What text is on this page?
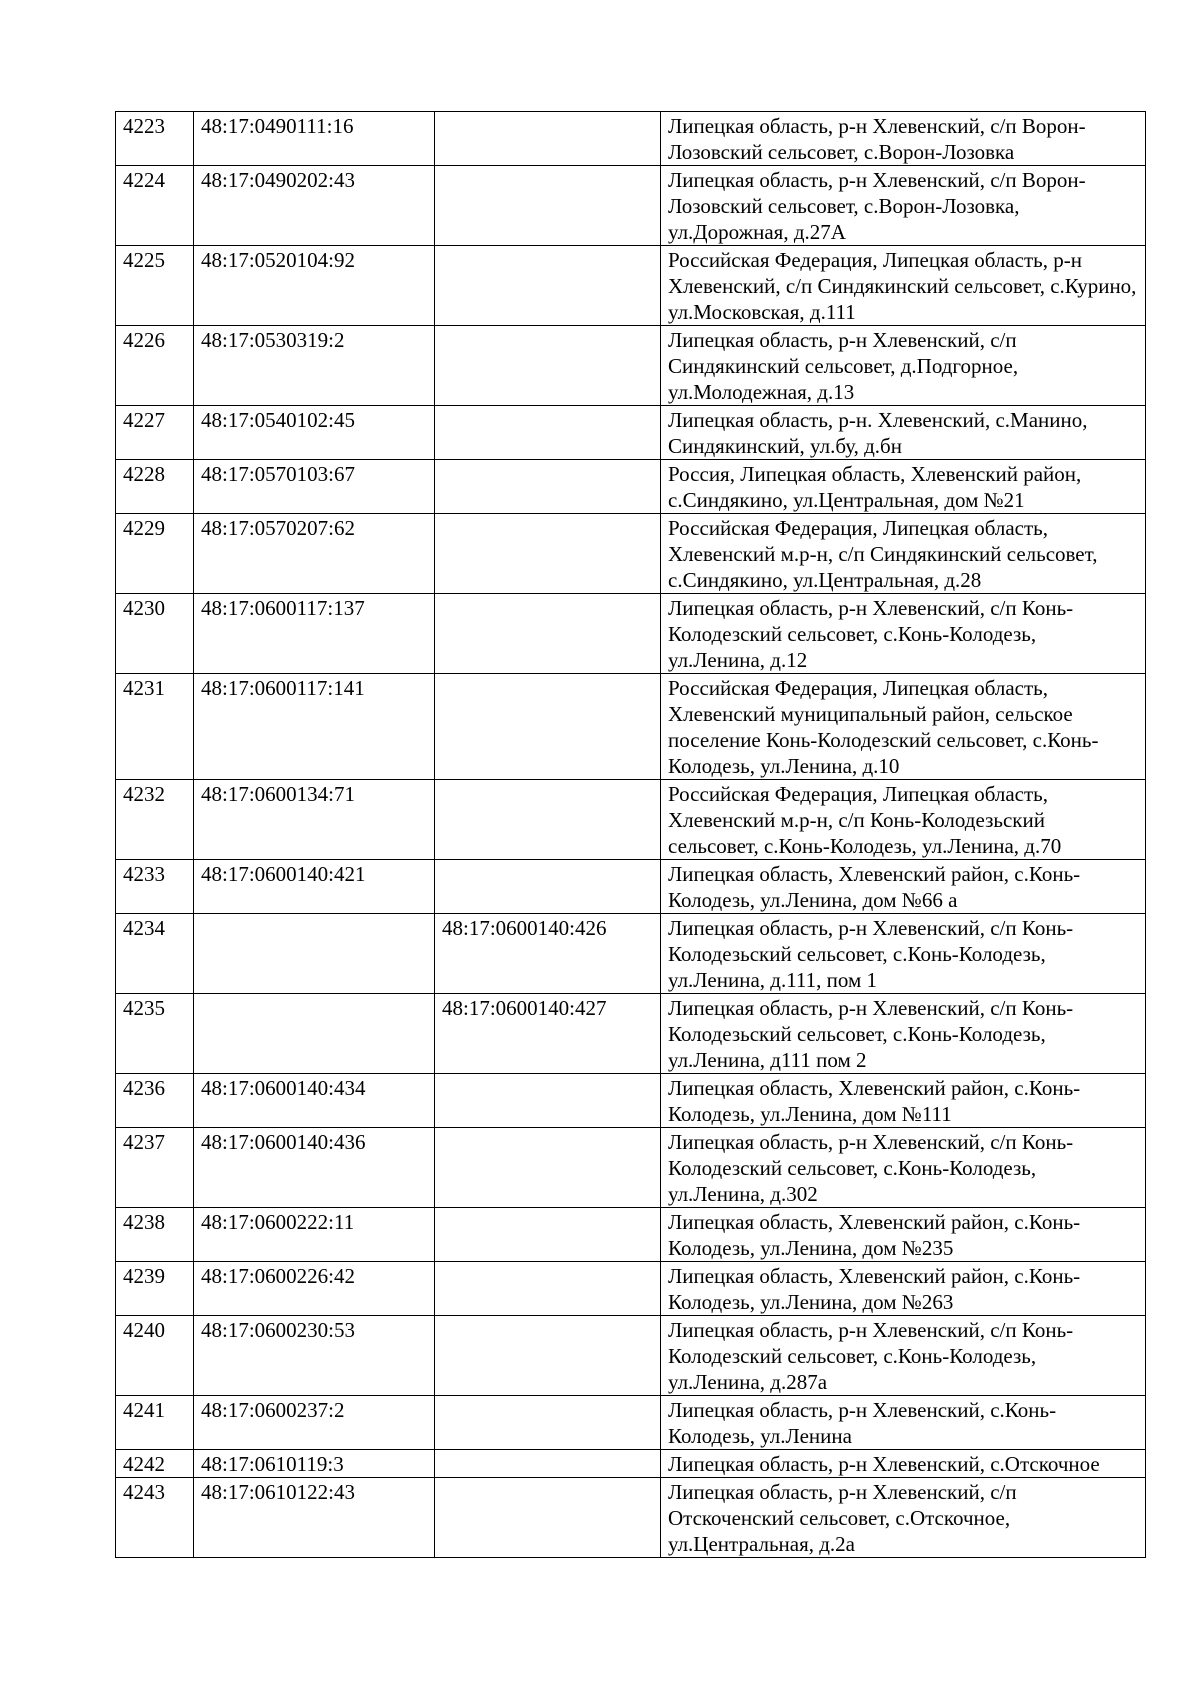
4223	48:17:0490111:16		Липецкая область, р-н Хлевенский, с/п Ворон-Лозовский сельсовет, с.Ворон-Лозовка
4224	48:17:0490202:43		Липецкая область, р-н Хлевенский, с/п Ворон-Лозовский сельсовет, с.Ворон-Лозовка, ул.Дорожная, д.27А
4225	48:17:0520104:92		Российская Федерация, Липецкая область, р-н Хлевенский, с/п Синдякинский сельсовет, с.Курино, ул.Московская, д.111
4226	48:17:0530319:2		Липецкая область, р-н Хлевенский, с/п Синдякинский сельсовет, д.Подгорное, ул.Молодежная, д.13
4227	48:17:0540102:45		Липецкая область, р-н. Хлевенский, с.Манино, Синдякинский, ул.бу, д.бн
4228	48:17:0570103:67		Россия, Липецкая область, Хлевенский район, с.Синдякино, ул.Центральная, дом №21
4229	48:17:0570207:62		Российская Федерация, Липецкая область, Хлевенский м.р-н, с/п Синдякинский сельсовет, с.Синдякино, ул.Центральная, д.28
4230	48:17:0600117:137		Липецкая область, р-н Хлевенский, с/п Конь-Колодезский сельсовет, с.Конь-Колодезь, ул.Ленина, д.12
4231	48:17:0600117:141		Российская Федерация, Липецкая область, Хлевенский муниципальный район, сельское поселение Конь-Колодезский сельсовет, с.Конь-Колодезь, ул.Ленина, д.10
4232	48:17:0600134:71		Российская Федерация, Липецкая область, Хлевенский м.р-н, с/п Конь-Колодезьский сельсовет, с.Конь-Колодезь, ул.Ленина, д.70
4233	48:17:0600140:421		Липецкая область, Хлевенский район, с.Конь-Колодезь, ул.Ленина, дом №66 а
4234		48:17:0600140:426	Липецкая область, р-н Хлевенский, с/п Конь-Колодезьский сельсовет, с.Конь-Колодезь, ул.Ленина, д.111, пом 1
4235		48:17:0600140:427	Липецкая область, р-н Хлевенский, с/п Конь-Колодезьский сельсовет, с.Конь-Колодезь, ул.Ленина, д111 пом 2
4236	48:17:0600140:434		Липецкая область, Хлевенский район, с.Конь-Колодезь, ул.Ленина, дом №111
4237	48:17:0600140:436		Липецкая область, р-н Хлевенский, с/п Конь-Колодезский сельсовет, с.Конь-Колодезь, ул.Ленина, д.302
4238	48:17:0600222:11		Липецкая область, Хлевенский район, с.Конь-Колодезь, ул.Ленина, дом №235
4239	48:17:0600226:42		Липецкая область, Хлевенский район, с.Конь-Колодезь, ул.Ленина, дом №263
4240	48:17:0600230:53		Липецкая область, р-н Хлевенский, с/п Конь-Колодезский сельсовет, с.Конь-Колодезь, ул.Ленина, д.287а
4241	48:17:0600237:2		Липецкая область, р-н Хлевенский, с.Конь-Колодезь, ул.Ленина
4242	48:17:0610119:3		Липецкая область, р-н Хлевенский, с.Отскочное
4243	48:17:0610122:43		Липецкая область, р-н Хлевенский, с/п Отскоченский сельсовет, с.Отскочное, ул.Центральная, д.2а
